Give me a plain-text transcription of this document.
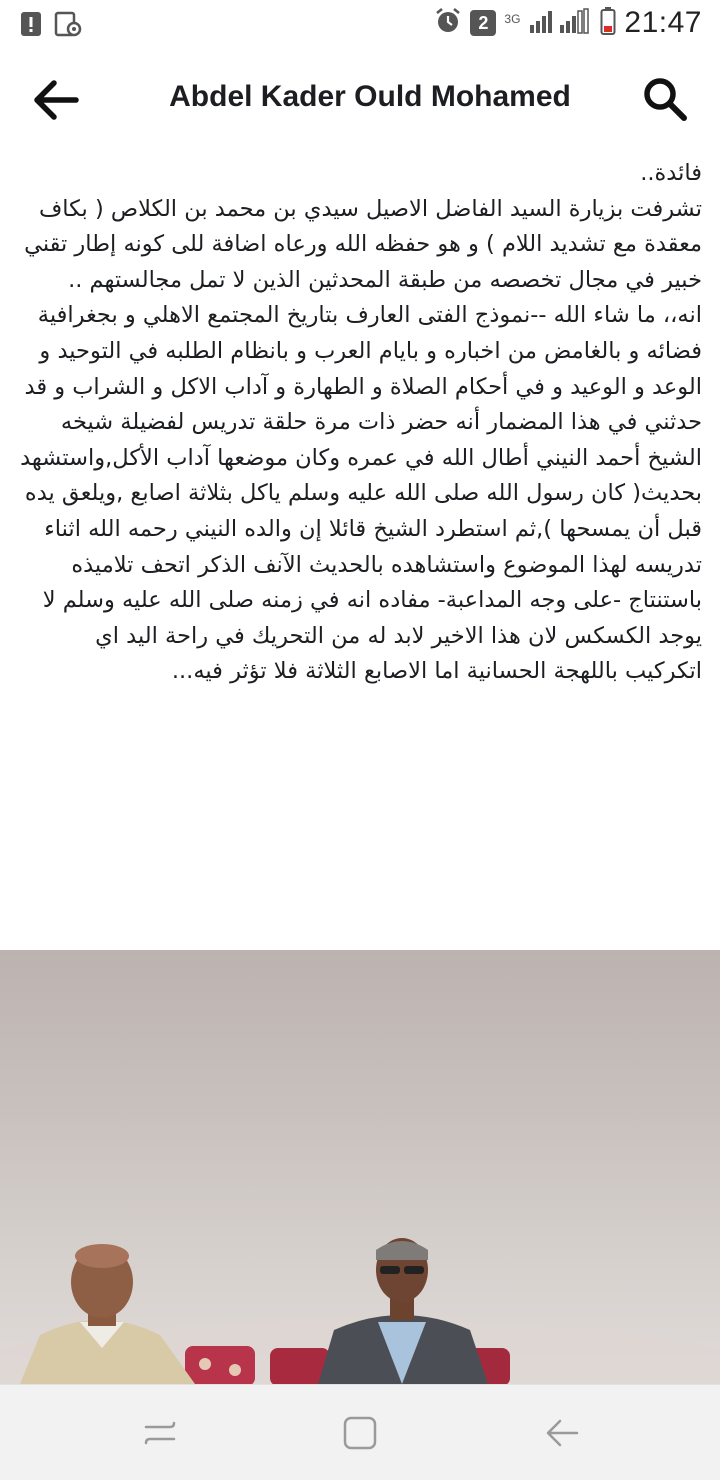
2 3G	21:47
Abdel Kader Ould Mohamed

فائدة..

تشرفت بزيارة السيد الفاضل الاصيل سيدي بن محمد بن الكلاص ( بكاف معقدة مع تشديد اللام ) و هو حفظه الله ورعاه اضافة للى كونه إطار تقني خبير في مجال تخصصه من طبقة المحدثين الذين لا تمل مجالستهم ..

انه،، ما شاء الله --نموذج الفتى العارف بتاريخ المجتمع الاهلي و بجغرافية فضائه و بالغامض من اخباره و بايام العرب و بانظام الطلبه في التوحيد و الوعد و الوعيد و في أحكام الصلاة و الطهارة و آداب الاكل و الشراب و قد حدثني في هذا المضمار أنه حضر ذات مرة حلقة تدريس لفضيلة شيخه الشيخ أحمد النيني أطال الله في عمره وكان موضعها آداب الأكل,واستشهد بحديث( كان رسول الله صلى الله عليه وسلم ياكل بثلاثة اصابع ,ويلعق يده قبل أن يمسحها ),ثم استطرد الشيخ قائلا إن والده النيني رحمه الله اثناء تدريسه لهذا الموضوع واستشاهده بالحديث الآنف الذكر اتحف تلاميذه باستنتاج -على وجه المداعبة- مفاده انه في زمنه صلى الله عليه وسلم لا يوجد الكسكس لان هذا الاخير لابد له من التحريك في راحة اليد اي اتكركيب باللهجة الحسانية اما الاصابع الثلاثة فلا تؤثر فيه...
